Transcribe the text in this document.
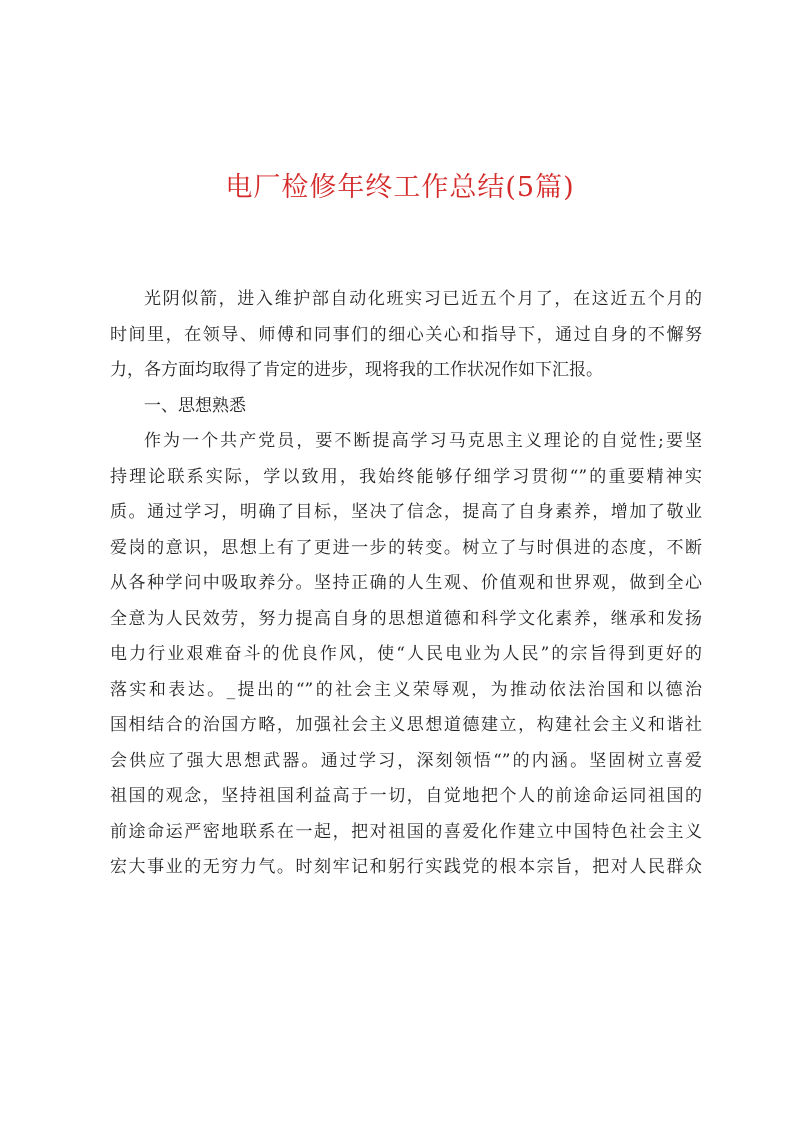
电厂检修年终工作总结(5篇)
光阴似箭，进入维护部自动化班实习已近五个月了，在这近五个月的
时间里，在领导、师傅和同事们的细心关心和指导下，通过自身的不懈努
力，各方面均取得了肯定的进步，现将我的工作状况作如下汇报。
一、思想熟悉
作为一个共产党员，要不断提高学习马克思主义理论的自觉性;要坚
持理论联系实际，学以致用，我始终能够仔细学习贯彻“”的重要精神实
质。通过学习，明确了目标，坚决了信念，提高了自身素养，增加了敬业
爱岗的意识，思想上有了更进一步的转变。树立了与时俱进的态度，不断
从各种学问中吸取养分。坚持正确的人生观、价值观和世界观，做到全心
全意为人民效劳，努力提高自身的思想道德和科学文化素养，继承和发扬
电力行业艰难奋斗的优良作风，使“人民电业为人民”的宗旨得到更好的
落实和表达。_提出的“”的社会主义荣辱观，为推动依法治国和以德治
国相结合的治国方略，加强社会主义思想道德建立，构建社会主义和谐社
会供应了强大思想武器。通过学习，深刻领悟“”的内涵。坚固树立喜爱
祖国的观念，坚持祖国利益高于一切，自觉地把个人的前途命运同祖国的
前途命运严密地联系在一起，把对祖国的喜爱化作建立中国特色社会主义
宏大事业的无穷力气。时刻牢记和躬行实践党的根本宗旨，把对人民群众
